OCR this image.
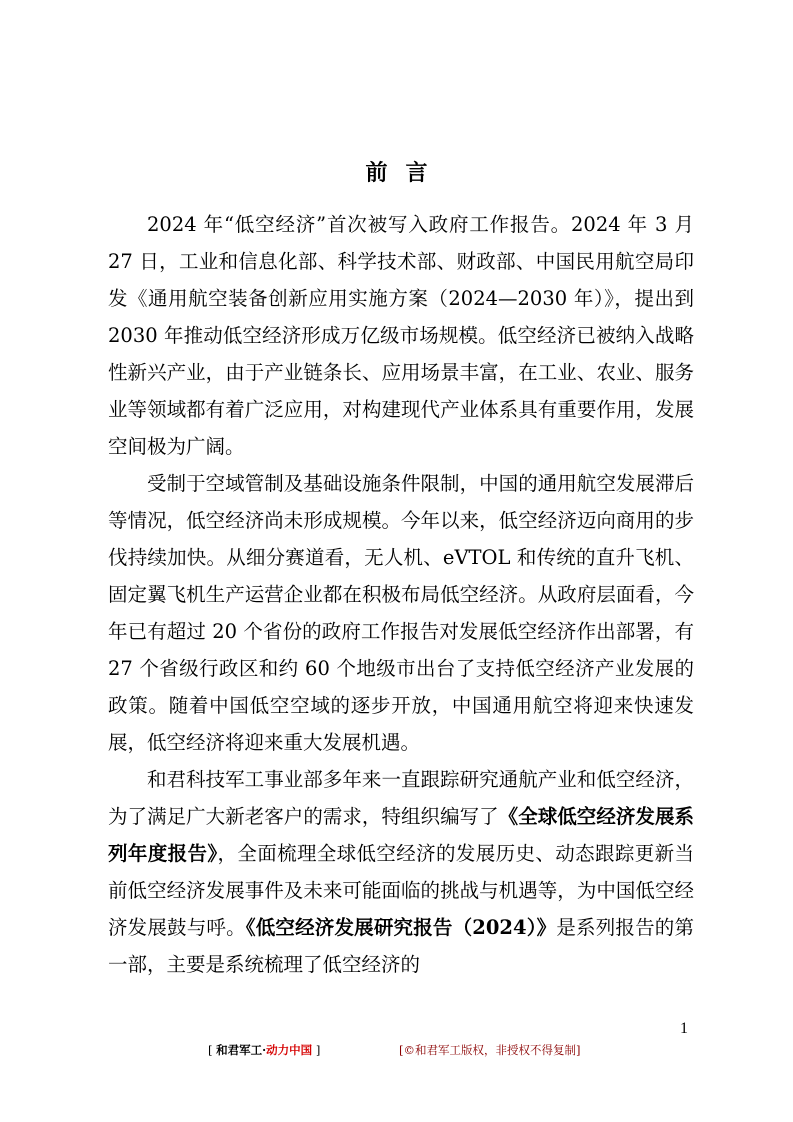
前言

2024 年“低空经济”首次被写入政府工作报告。2024 年 3 月 27 日，工业和信息化部、科学技术部、财政部、中国民用航空局印发《通用航空装备创新应用实施方案（2024—2030 年）》，提出到 2030 年推动低空经济形成万亿级市场规模。低空经济已被纳入战略性新兴产业，由于产业链条长、应用场景丰富，在工业、农业、服务业等领域都有着广泛应用，对构建现代产业体系具有重要作用，发展空间极为广阔。

受制于空域管制及基础设施条件限制，中国的通用航空发展滞后等情况，低空经济尚未形成规模。今年以来，低空经济迈向商用的步伐持续加快。从细分赛道看，无人机、eVTOL 和传统的直升飞机、固定翼飞机生产运营企业都在积极布局低空经济。从政府层面看，今年已有超过 20 个省份的政府工作报告对发展低空经济作出部署，有 27 个省级行政区和约 60 个地级市出台了支持低空经济产业发展的政策。随着中国低空空域的逐步开放，中国通用航空将迎来快速发展，低空经济将迎来重大发展机遇。

和君科技军工事业部多年来一直跟踪研究通航产业和低空经济，为了满足广大新老客户的需求，特组织编写了《全球低空经济发展系列年度报告》，全面梳理全球低空经济的发展历史、动态跟踪更新当前低空经济发展事件及未来可能面临的挑战与机遇等，为中国低空经济发展鼓与呼。《低空经济发展研究报告（2024）》是系列报告的第一部，主要是系统梳理了低空经济的

1
[ 和君军工·动力中国 ]	[©和君军工版权，非授权不得复制]
